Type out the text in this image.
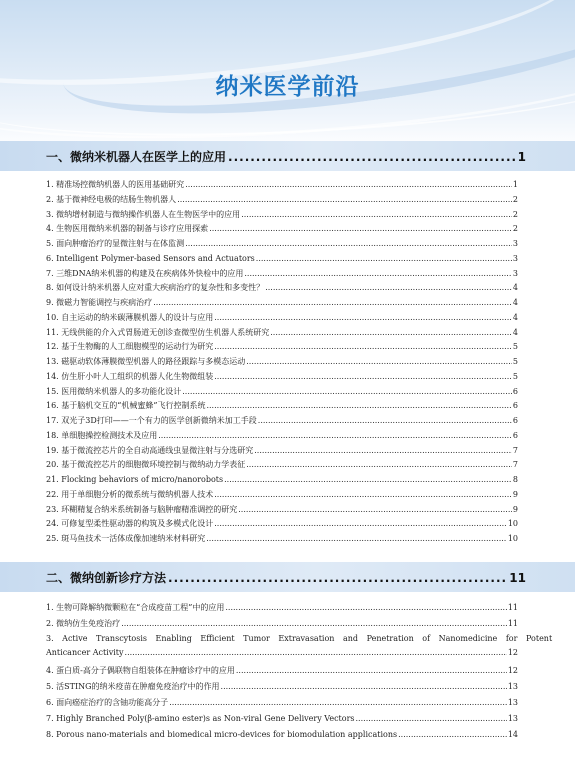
纳米医学前沿
一、微纳米机器人在医学上的应用 .....	1
1. 精准场控微纳机器人的医用基础研究 .....	1
2. 基于微神经电极的结肠生物机器人 .....	2
3. 微纳增材制造与微纳操作机器人在生物医学中的应用 .....	2
4. 生物医用微纳米机器的制备与诊疗应用探索 .....	2
5. 面向肿瘤治疗的显微注射与在体监测 .....	3
6. Intelligent Polymer-based Sensors and Actuators .....	3
7. 三维DNA纳米机器的构建及在疾病体外快检中的应用 .....	3
8. 如何设计纳米机器人应对重大疾病治疗的复杂性和多变性？ .....	4
9. 微磁力智能调控与疾病治疗 .....	4
10. 自主运动的纳米碳薄膜机器人的设计与应用 .....	4
11. 无线供能的介入式胃肠道无创诊查微型仿生机器人系统研究 .....	4
12. 基于生物酶的人工细胞模型的运动行为研究 .....	5
13. 磁驱动软体薄膜微型机器人的路径跟踪与多模态运动 .....	5
14. 仿生肝小叶人工组织的机器人化生物微组装 .....	5
15. 医用微纳米机器人的多功能化设计 .....	6
16. 基于脑机交互的“机械蜜蜂”飞行控制系统 .....	6
17. 双光子3D打印——一个有力的医学创新微纳米加工手段 .....	6
18. 单细胞操控检测技术及应用 .....	6
19. 基于微流控芯片的全自动高通线虫显微注射与分选研究 .....	7
20. 基于微流控芯片的细胞微环境控制与微纳动力学表征 .....	7
21. Flocking behaviors of micro/nanorobots .....	8
22. 用于单细胞分析的微系统与微纳机器人技术 .....	9
23. 环糊精复合纳米系统制备与脑肿瘤精准调控的研究 .....	9
24. 可修复型柔性驱动器的构筑及多模式化设计 .....	10
25. 斑马鱼技术一活体成像加速纳米材料研究 .....	10
二、微纳创新诊疗方法 .....	11
1. 生物可降解纳微颗粒在“合成疫苗工程”中的应用 .....	11
2. 微纳仿生免疫治疗 .....	11
3. Active Transcytosis Enabling Efficient Tumor Extravasation and Penetration of Nanomedicine for Potent
Anticancer Activity .....	12
4. 蛋白质-高分子偶联物自组装体在肿瘤诊疗中的应用 .....	12
5. 活STING的纳米疫苗在肿瘤免疫治疗中的作用 .....	13
6. 面向癌症治疗的含铀功能高分子 .....	13
7. Highly Branched Poly(β-amino ester)s as Non-viral Gene Delivery Vectors .....	13
8. Porous nano-materials and biomedical micro-devices for biomodulation applications .....	14
